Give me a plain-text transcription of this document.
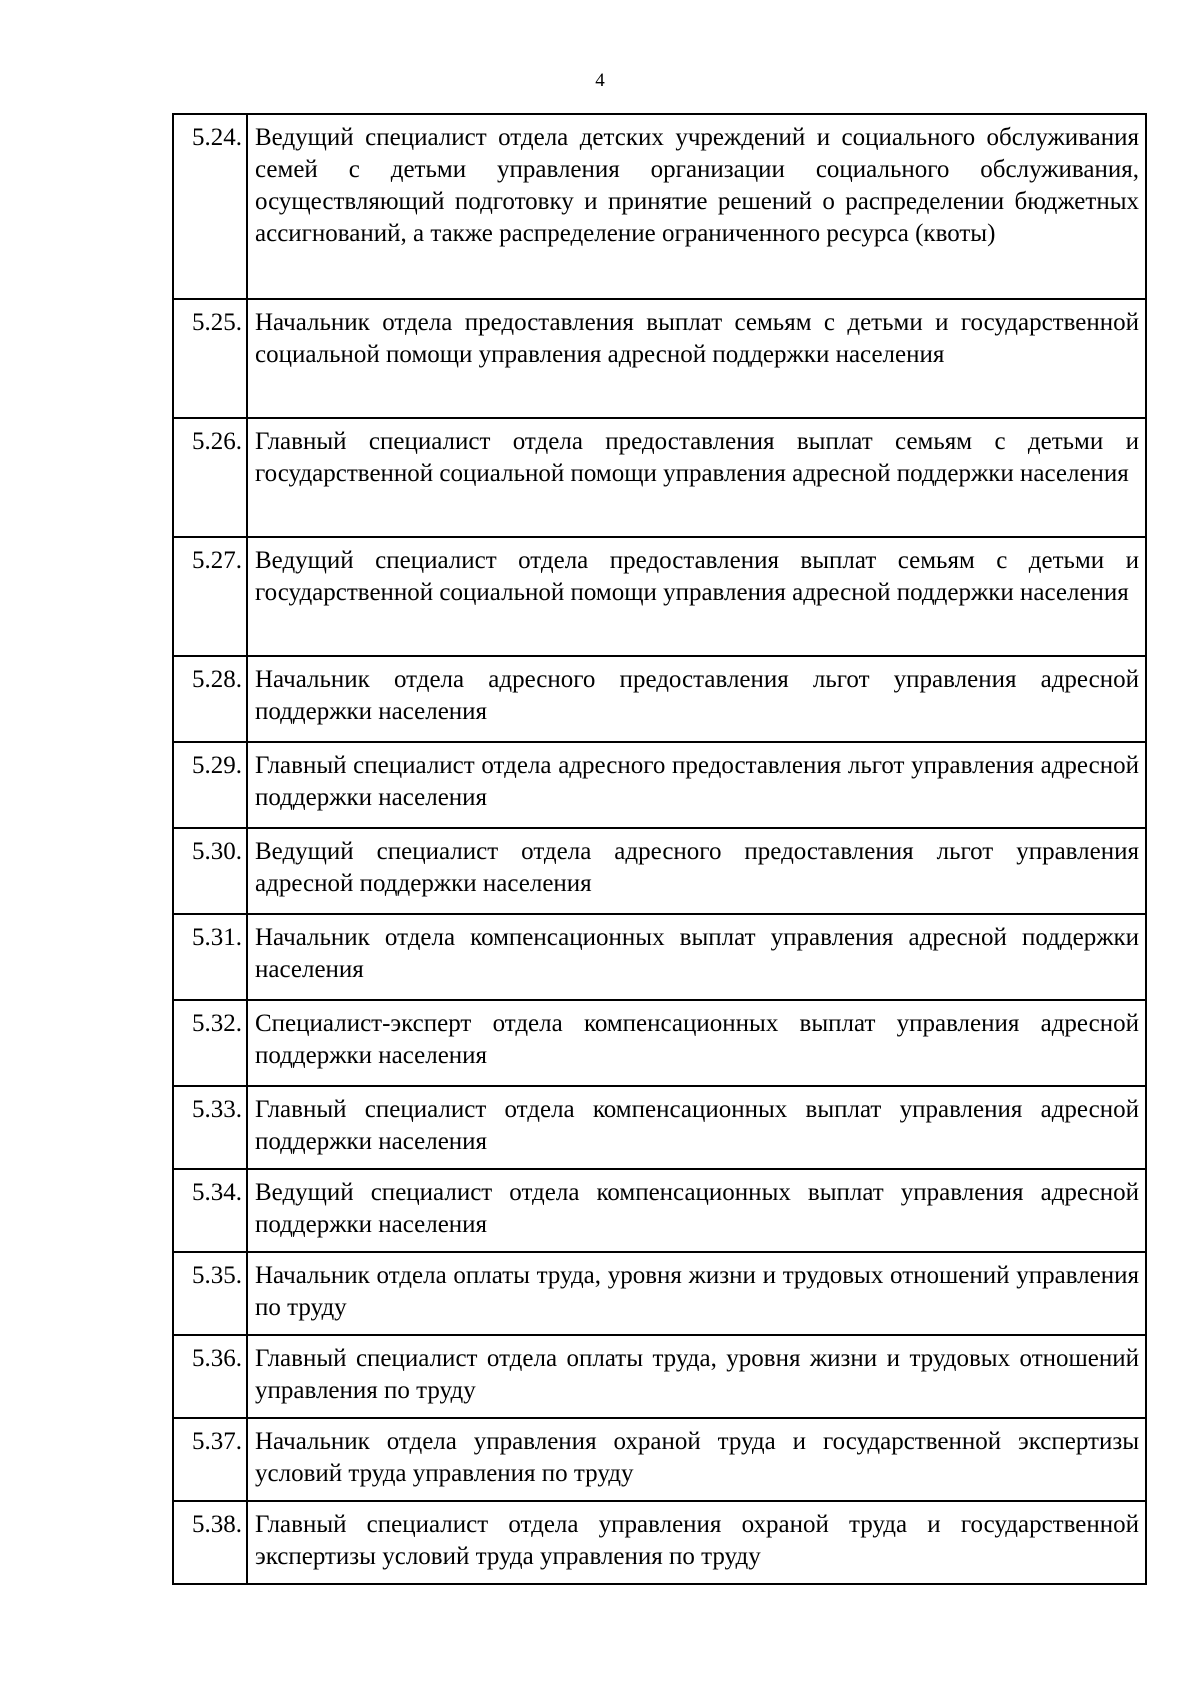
4
5.24.	Ведущий специалист отдела детских учреждений и социального обслуживания семей с детьми управления организации социального обслуживания, осуществляющий подготовку и принятие решений о распределении бюджетных ассигнований, а также распределение ограниченного ресурса (квоты)
5.25.	Начальник отдела предоставления выплат семьям с детьми и государственной социальной помощи управления адресной поддержки населения
5.26.	Главный специалист отдела предоставления выплат семьям с детьми и государственной социальной помощи управления адресной поддержки населения
5.27.	Ведущий специалист отдела предоставления выплат семьям с детьми и государственной социальной помощи управления адресной поддержки населения
5.28.	Начальник отдела адресного предоставления льгот управления адресной поддержки населения
5.29.	Главный специалист отдела адресного предоставления льгот управления адресной поддержки населения
5.30.	Ведущий специалист отдела адресного предоставления льгот управления адресной поддержки населения
5.31.	Начальник отдела компенсационных выплат управления адресной поддержки населения
5.32.	Специалист-эксперт отдела компенсационных выплат управления адресной поддержки населения
5.33.	Главный специалист отдела компенсационных выплат управления адресной поддержки населения
5.34.	Ведущий специалист отдела компенсационных выплат управления адресной поддержки населения
5.35.	Начальник отдела оплаты труда, уровня жизни и трудовых отношений управления по труду
5.36.	Главный специалист отдела оплаты труда, уровня жизни и трудовых отношений управления по труду
5.37.	Начальник отдела управления охраной труда и государственной экспертизы условий труда управления по труду
5.38.	Главный специалист отдела управления охраной труда и государственной экспертизы условий труда управления по труду
